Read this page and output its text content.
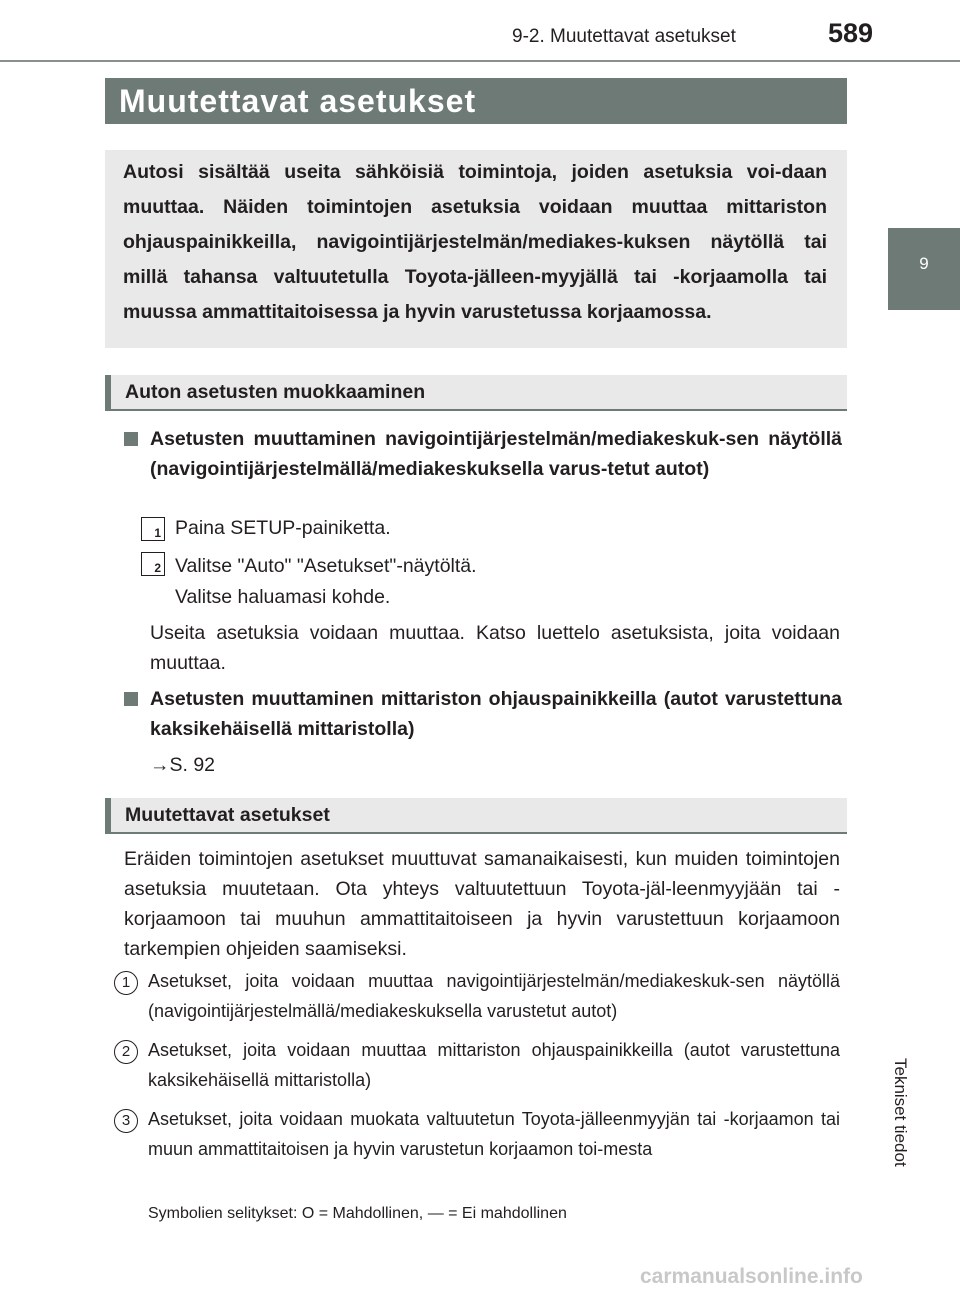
9-2. Muutettavat asetukset	589
Muutettavat asetukset

Autosi sisältää useita sähköisiä toimintoja, joiden asetuksia voi-daan muuttaa. Näiden toimintojen asetuksia voidaan muuttaa mittariston ohjauspainikkeilla, navigointijärjestelmän/mediakes-kuksen näytöllä tai millä tahansa valtuutetulla Toyota-jälleen-myyjällä tai -korjaamolla tai muussa ammattitaitoisessa ja hyvin varustetussa korjaamossa.

Auton asetusten muokkaaminen
Asetusten muuttaminen navigointijärjestelmän/mediakeskuk-sen näytöllä (navigointijärjestelmällä/mediakeskuksella varus-tetut autot)
1 Paina SETUP-painiketta.
2 Valitse "Auto" "Asetukset"-näytöltä.
Valitse haluamasi kohde.
Useita asetuksia voidaan muuttaa. Katso luettelo asetuksista, joita voidaan muuttaa.
Asetusten muuttaminen mittariston ohjauspainikkeilla (autot varustettuna kaksikehäisellä mittaristolla)
→S. 92
Muutettavat asetukset
Eräiden toimintojen asetukset muuttuvat samanaikaisesti, kun muiden toimintojen asetuksia muutetaan. Ota yhteys valtuutettuun Toyota-jäl-leenmyyjään tai -korjaamoon tai muuhun ammattitaitoiseen ja hyvin varustettuun korjaamoon tarkempien ohjeiden saamiseksi.
1 Asetukset, joita voidaan muuttaa navigointijärjestelmän/mediakeskuk-sen näytöllä (navigointijärjestelmällä/mediakeskuksella varustetut autot)
2 Asetukset, joita voidaan muuttaa mittariston ohjauspainikkeilla (autot varustettuna kaksikehäisellä mittaristolla)
3 Asetukset, joita voidaan muokata valtuutetun Toyota-jälleenmyyjän tai -korjaamon tai muun ammattitaitoisen ja hyvin varustetun korjaamon toi-mesta
Symbolien selitykset: O = Mahdollinen, — = Ei mahdollinen
9
Tekniset tiedot
carmanualsonline.info
